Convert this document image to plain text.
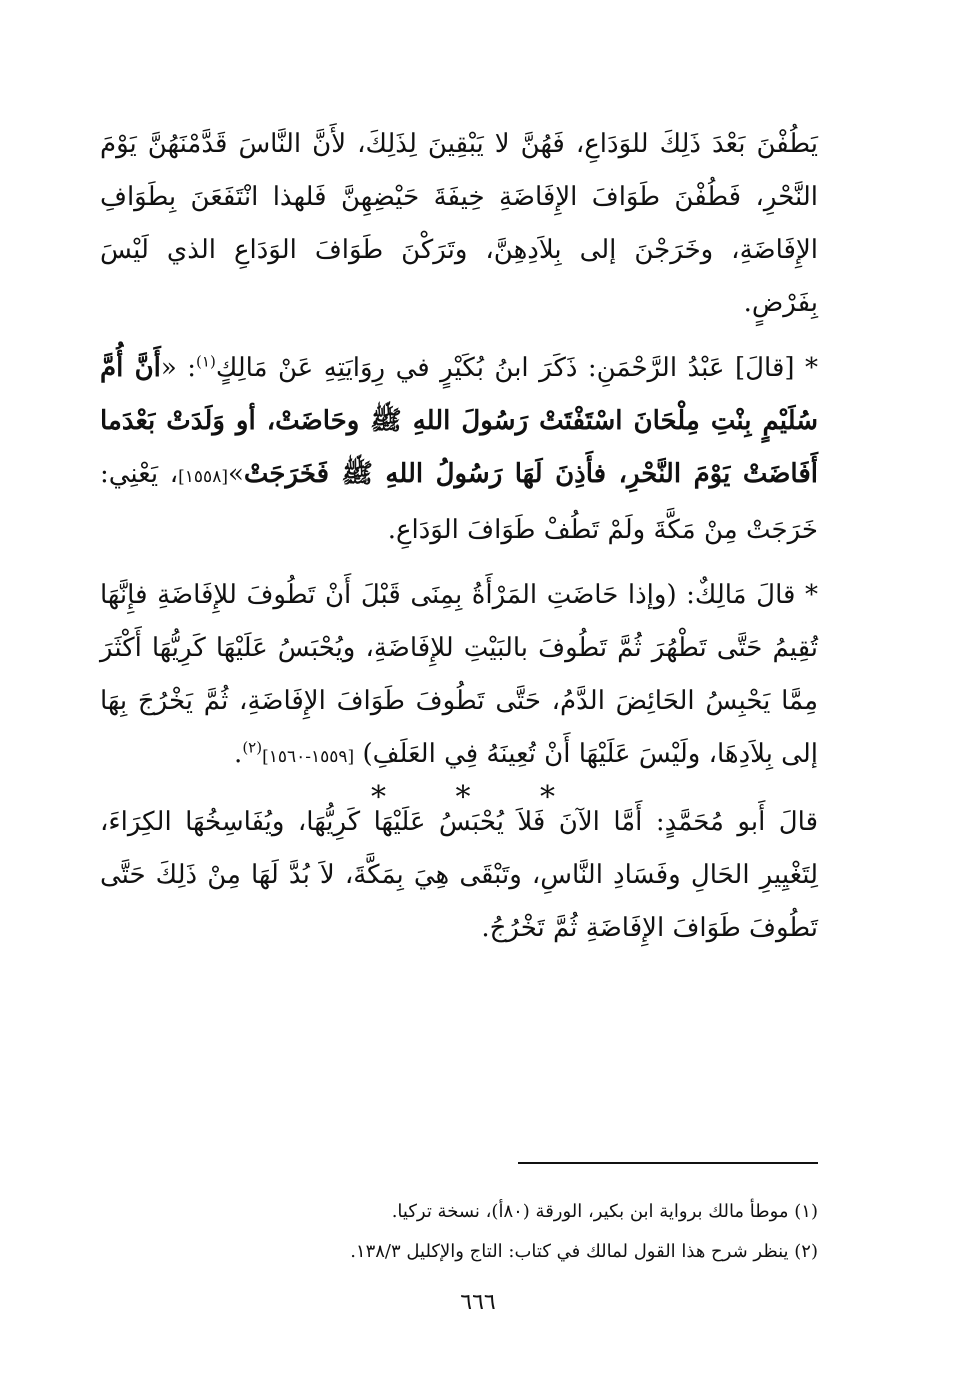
يَطُفْنَ بَعْدَ ذَلِكَ للوَدَاعِ، فَهُنَّ لا يَبْقِينَ لِذَلِكَ، لأَنَّ النَّاسَ قَدَّمْنَهُنَّ يَوْمَ النَّحْرِ، فَطُفْنَ طَوَافَ الإِفَاضَةِ خِيفَةَ حَيْضِهِنَّ فَلهذا انْتَفَعَنَ بِطَوَافِ الإِفَاضَةِ، وخَرَجْنَ إلى بِلاَدِهِنَّ، وتَرَكْنَ طَوَافَ الوَدَاعِ الذي لَيْسَ بِفَرْضٍ.

* [قالَ] عَبْدُ الرَّحْمَنِ: ذَكَرَ ابنُ بُكَيْرٍ في رِوَايَتِهِ عَنْ مَالِكٍ$^{(١)}$: «أَنَّ أُمَّ سُلَيْمٍ بِنْتِ مِلْحَانَ اسْتَفْتَتْ رَسُولَ اللهِ ﷺ وحَاضَتْ، أو وَلَدَتْ بَعْدَما أَفَاضَتْ يَوْمَ النَّحْرِ، فأَذِنَ لَهَا رَسُولُ اللهِ ﷺ فَخَرَجَتْ»[١٥٥٨]، يَعْنِي: خَرَجَتْ مِنْ مَكَّةَ ولَمْ تَطُفْ طَوَافَ الوَدَاعِ.

* قالَ مَالِكٌ: (وإذا حَاضَتِ المَرْأَةُ بِمِنَى قَبْلَ أَنْ تَطُوفَ للإِفَاضَةِ فإِنَّهَا تُقِيمُ حَتَّى تَطْهُرَ ثُمَّ تَطُوفَ بالبَيْتِ للإِفَاضَةِ، ويُحْبَسُ عَلَيْهَا كَرِيُّهَا أَكْثَرَ مِمَّا يَحْبِسُ الحَائِضَ الدَّمُ، حَتَّى تَطُوفَ طَوَافَ الإِفَاضَةِ، ثُمَّ يَخْرُجَ بِهَا إلى بِلاَدِهَا، ولَيْسَ عَلَيْهَا أَنْ تُعِينَهُ فِي العَلَفِ) [١٥٥٩-١٥٦٠]$^{(٢)}$.

قالَ أَبو مُحَمَّدٍ: أَمَّا الآنَ فَلاَ يُحْبَسُ عَلَيْهَا كَرِيُّهَا، ويُفَاسِخُهَا الكِرَاءَ، لِتَغْيِيرِ الحَالِ وفَسَادِ النَّاسِ، وتَبْقَى هِيَ بِمَكَّةَ، لاَ بُدَّ لَهَا مِنْ ذَلِكَ حَتَّى تَطُوفَ طَوَافَ الإِفَاضَةِ ثُمَّ تَخْرُجُ.

* * *

(١) موطأ مالك برواية ابن بكير، الورقة (٨٠أ)، نسخة تركيا.

(٢) ينظر شرح هذا القول لمالك في كتاب: التاج والإكليل ١٣٨/٣.

٦٦٦
